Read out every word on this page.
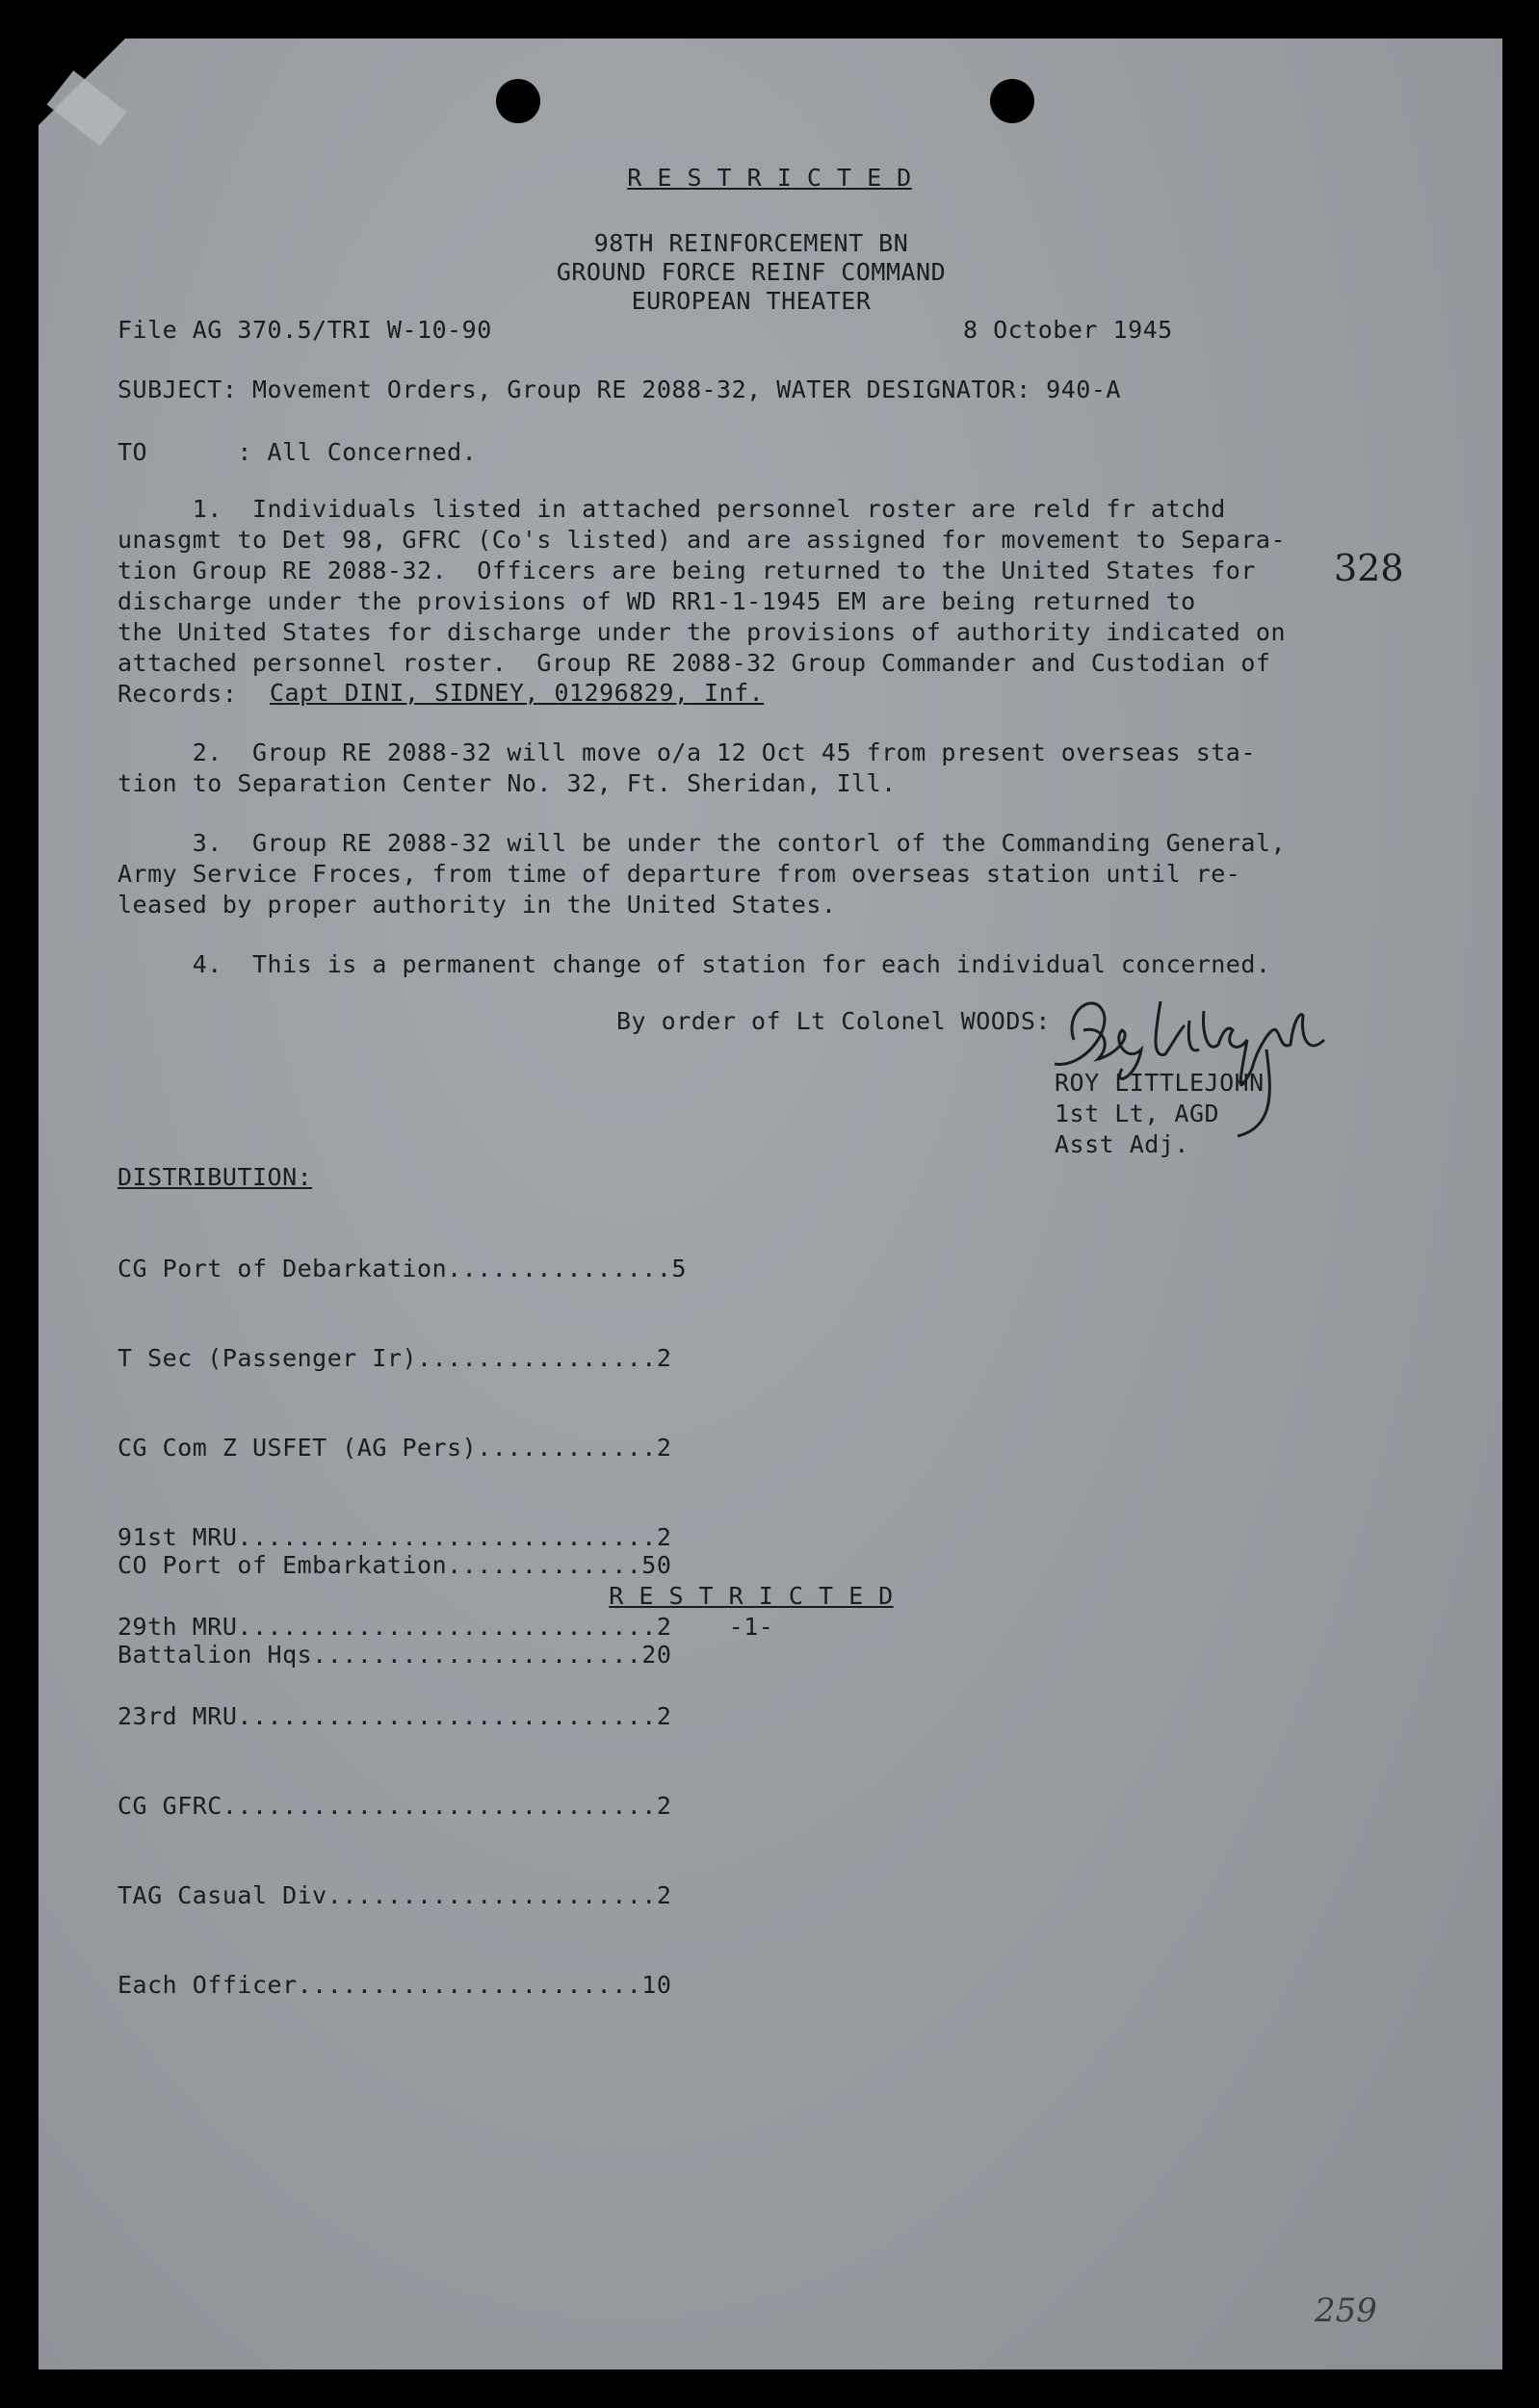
R E S T R I C T E D
98TH REINFORCEMENT BN
GROUND FORCE REINF COMMAND
EUROPEAN THEATER
File AG 370.5/TRI W-10-90	8 October 1945
SUBJECT: Movement Orders, Group RE 2088-32, WATER DESIGNATOR: 940-A
TO      : All Concerned.
1.  Individuals listed in attached personnel roster are reld fr atchd
unasgmt to Det 98, GFRC (Co's listed) and are assigned for movement to Separa-
tion Group RE 2088-32.  Officers are being returned to the United States for
discharge under the provisions of WD RR1-1-1945 EM are being returned to
the United States for discharge under the provisions of authority indicated on
attached personnel roster.  Group RE 2088-32 Group Commander and Custodian of
Records:	Capt DINI, SIDNEY, 01296829, Inf.
328
2.  Group RE 2088-32 will move o/a 12 Oct 45 from present overseas sta-
tion to Separation Center No. 32, Ft. Sheridan, Ill.
3.  Group RE 2088-32 will be under the contorl of the Commanding General,
Army Service Froces, from time of departure from overseas station until re-
leased by proper authority in the United States.
4.  This is a permanent change of station for each individual concerned.
By order of Lt Colonel WOODS:
ROY LITTLEJOHN
1st Lt, AGD
Asst Adj.
DISTRIBUTION:

CG Port of Debarkation...............5

T Sec (Passenger Ir)................2

CG Com Z USFET (AG Pers)............2

91st MRU............................2

29th MRU............................2

23rd MRU............................2

CG GFRC.............................2

TAG Casual Div......................2

Each Officer.......................10

CO Port of Embarkation.............50

Battalion Hqs......................20

R E S T R I C T E D
-1-
259
